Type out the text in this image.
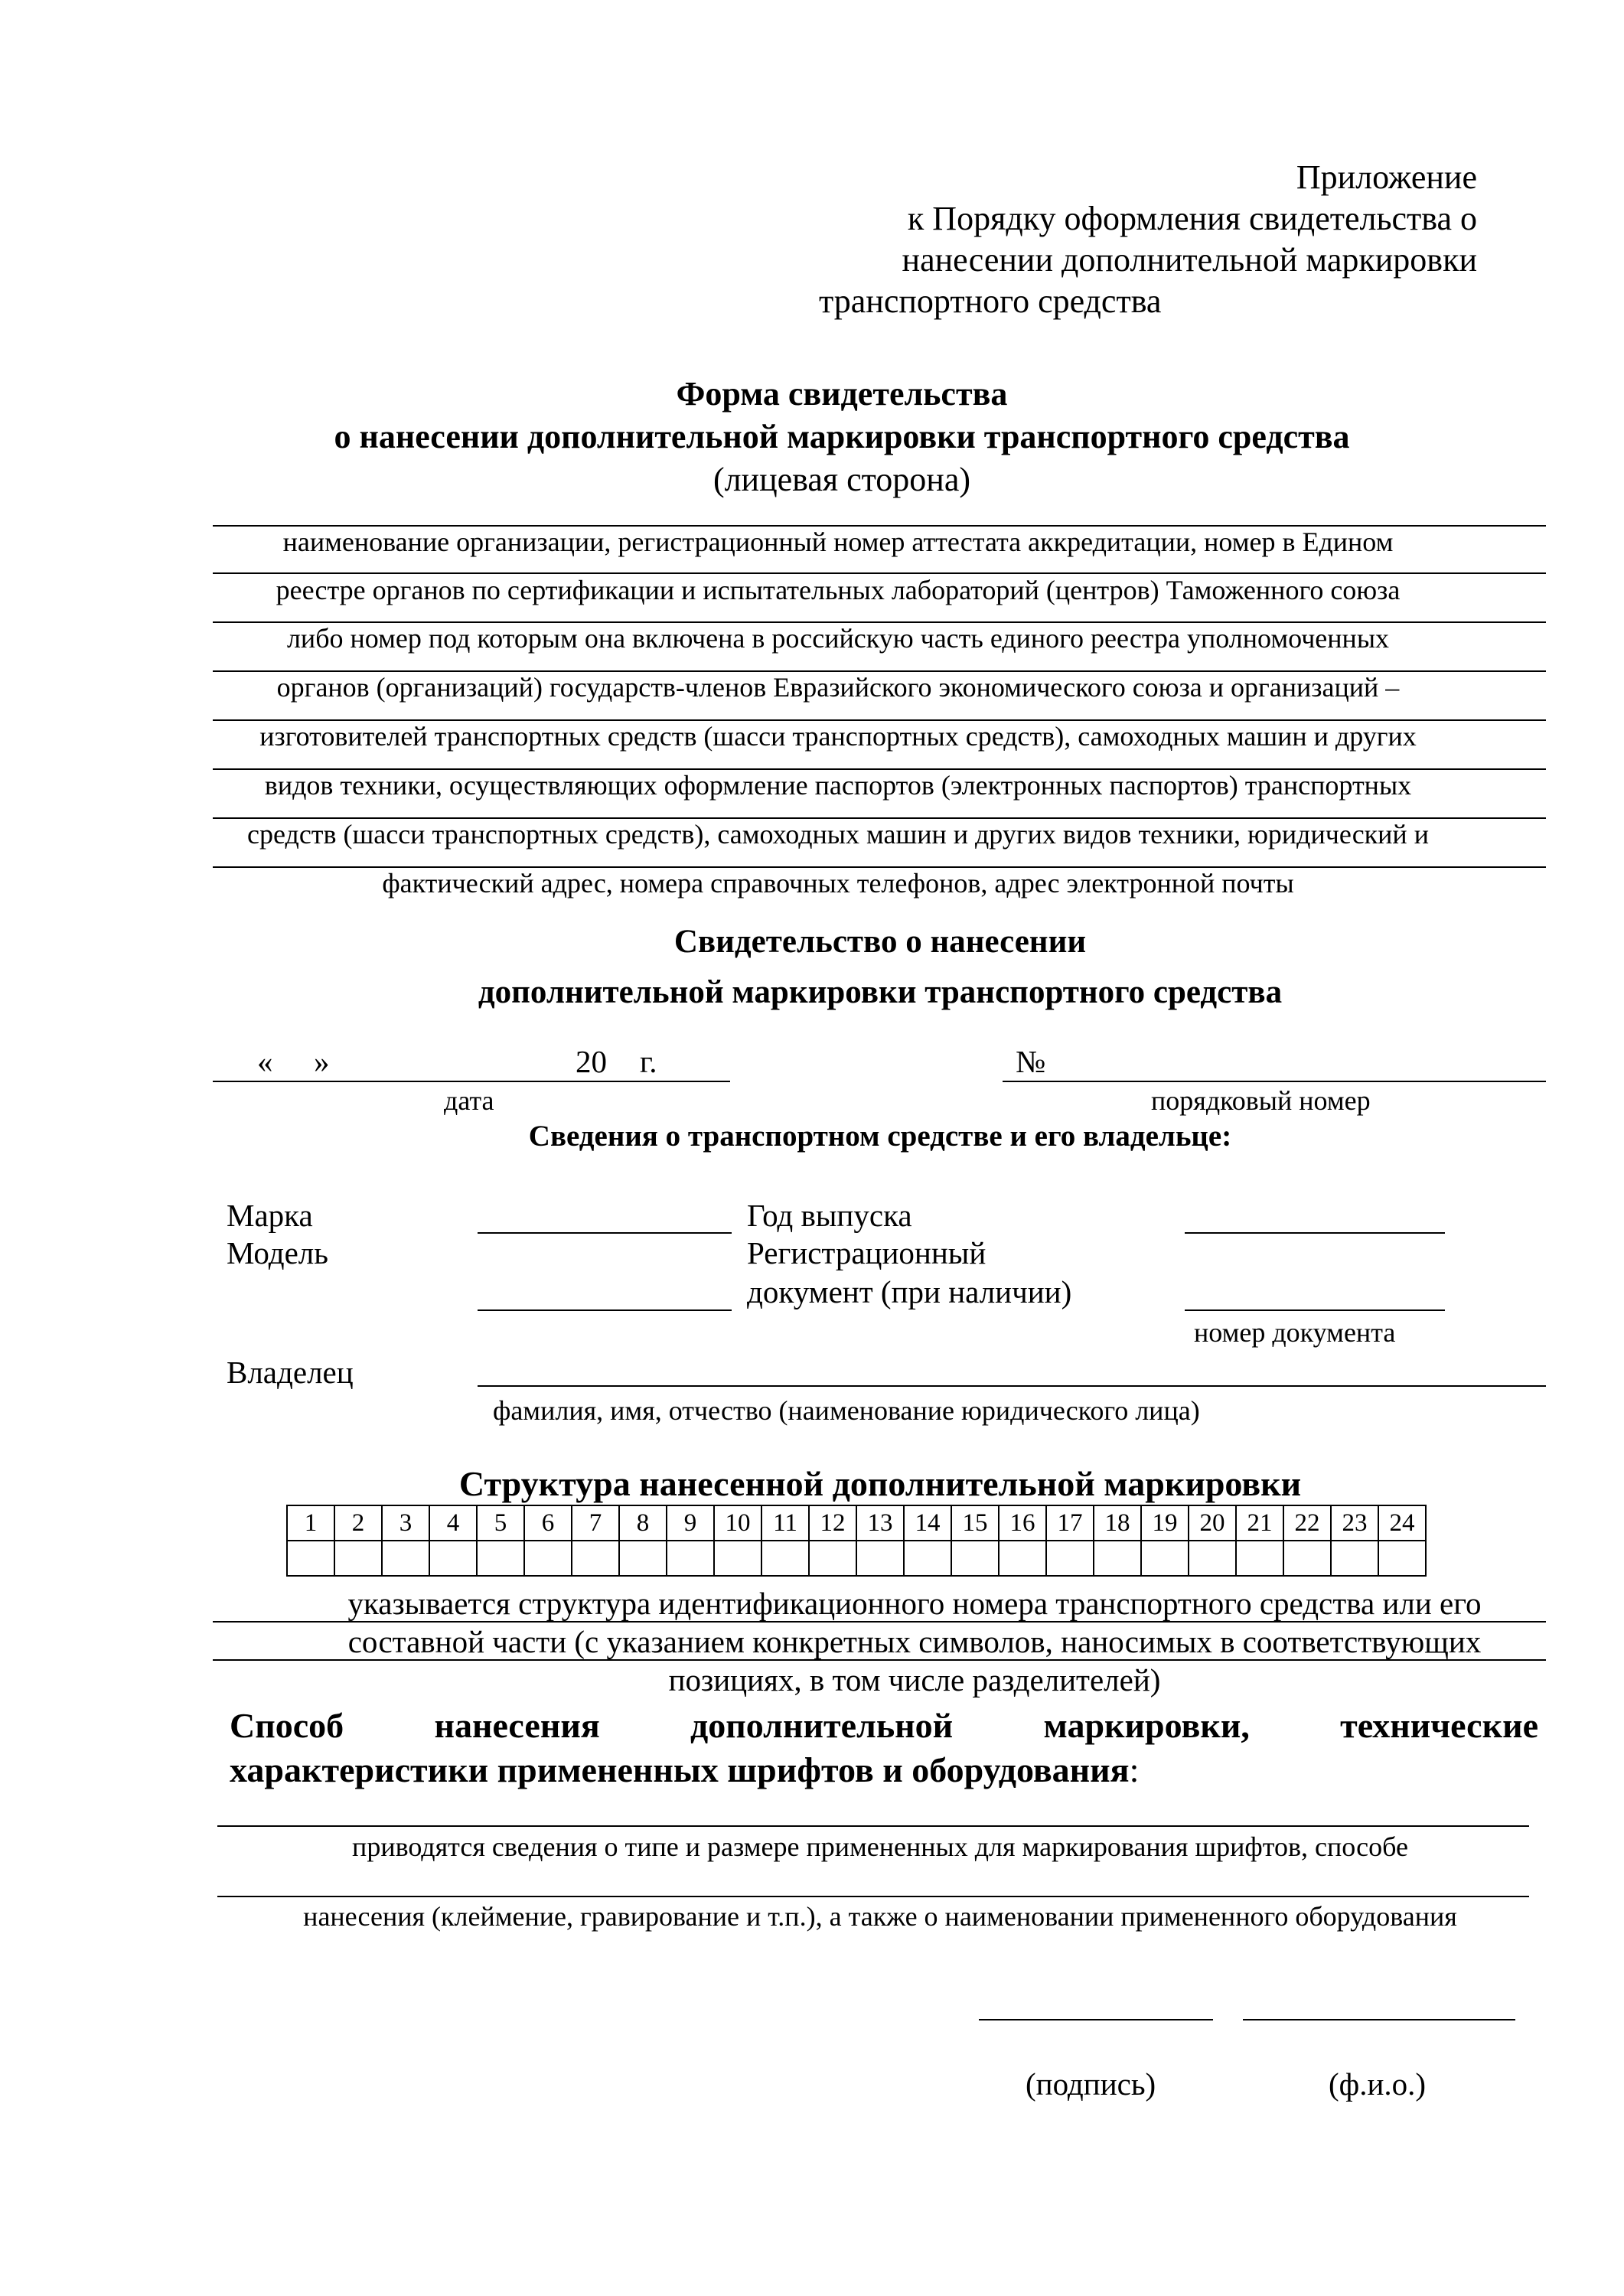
Приложение
к Порядку оформления свидетельства о
нанесении дополнительной маркировки
транспортного средства
Форма свидетельства
о нанесении дополнительной маркировки транспортного средства
(лицевая сторона)
наименование организации, регистрационный номер аттестата аккредитации, номер в Едином
реестре органов по сертификации и испытательных лабораторий (центров) Таможенного союза
либо номер под которым она включена в российскую часть единого реестра уполномоченных
органов (организаций) государств-членов Евразийского экономического союза и организаций –
изготовителей транспортных средств (шасси транспортных средств), самоходных машин и других
видов техники, осуществляющих оформление паспортов (электронных паспортов) транспортных
средств (шасси транспортных средств), самоходных машин и других видов техники, юридический и
фактический адрес, номера справочных телефонов, адрес электронной почты
Свидетельство о нанесении
дополнительной маркировки транспортного средства
« »	20 г.	№
дата	порядковый номер
Сведения о транспортном средстве и его владельце:
Марка	Год выпуска
Модель	Регистрационный
документ (при наличии)
номер документа
Владелец
фамилия, имя, отчество (наименование юридического лица)
Структура нанесенной дополнительной маркировки
1	2	3	4	5	6	7	8	9	10	11	12	13	14	15	16	17	18	19	20	21	22	23	24

указывается структура идентификационного номера транспортного средства или его
составной части (с указанием конкретных символов, наносимых в соответствующих
позициях, в том числе разделителей)
Способ нанесения дополнительной маркировки, технические
характеристики примененных шрифтов и оборудования:
приводятся сведения о типе и размере примененных для маркирования шрифтов, способе
нанесения (клеймение, гравирование и т.п.), а также о наименовании примененного оборудования
(подпись)	(ф.и.о.)
